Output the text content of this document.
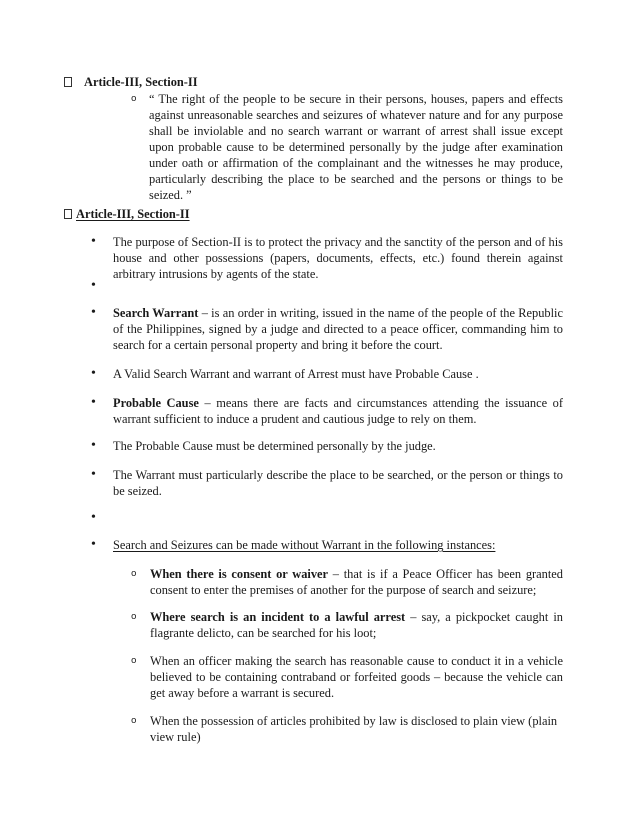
Article-III, Section-II
o	“ The right of the people to be secure in their persons, houses, papers and effects against unreasonable searches and seizures of whatever nature and for any purpose shall be inviolable and no search warrant or warrant of arrest shall issue except upon probable cause to be determined personally by the judge after examination under oath or affirmation of the complainant and the witnesses he may produce, particularly describing the place to be searched and the persons or things to be seized. ”
Article-III, Section-II
•	The purpose of Section-II is to protect the privacy and the sanctity of the person and of his house and other possessions (papers, documents, effects, etc.) found therein against arbitrary intrusions by agents of the state.
•
•	Search Warrant – is an order in writing, issued in the name of the people of the Republic of the Philippines, signed by a judge and directed to a peace officer, commanding him to search for a certain personal property and bring it before the court.
•	A Valid Search Warrant and warrant of Arrest must have Probable Cause .
•	Probable Cause – means there are facts and circumstances attending the issuance of warrant sufficient to induce a prudent and cautious judge to rely on them.
•	The Probable Cause must be determined personally by the judge.
•	The Warrant must particularly describe the place to be searched, or the person or things to be seized.
•
•	Search and Seizures can be made without Warrant in the following instances:
o	When there is consent or waiver – that is if a Peace Officer has been granted consent to enter the premises of another for the purpose of search and seizure;
o	Where search is an incident to a lawful arrest – say, a pickpocket caught in flagrante delicto, can be searched for his loot;
o	When an officer making the search has reasonable cause to conduct it in a vehicle believed to be containing contraband or forfeited goods – because the vehicle can get away before a warrant is secured.
o	When the possession of articles prohibited by law is disclosed to plain view (plain view rule)
